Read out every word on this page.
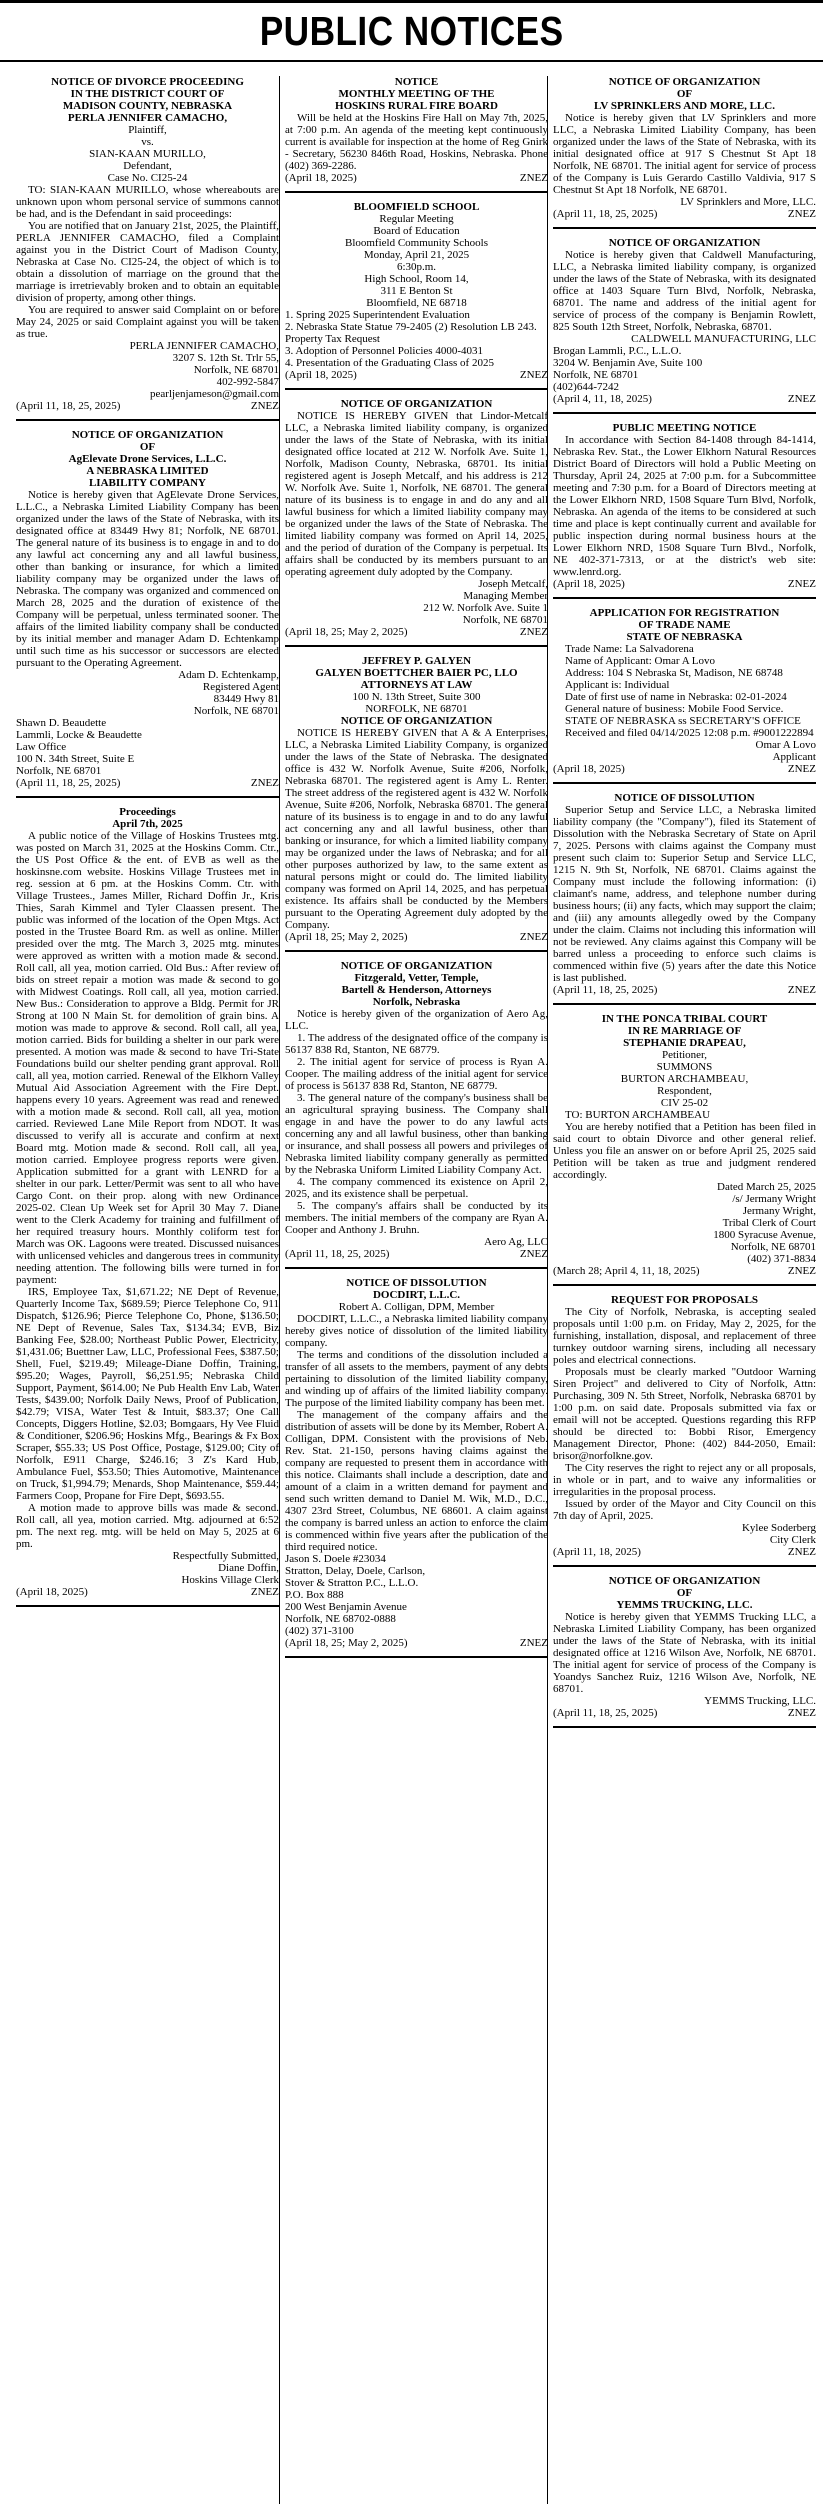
PUBLIC NOTICES

NOTICE OF DIVORCE PROCEEDING

IN THE DISTRICT COURT OF

MADISON COUNTY, NEBRASKA

PERLA JENNIFER CAMACHO,

Plaintiff,

vs.

SIAN-KAAN MURILLO,

Defendant,

Case No. CI25-24

TO: SIAN-KAAN MURILLO, whose whereabouts are unknown upon whom personal service of summons cannot be had, and is the Defendant in said proceedings:

You are notified that on January 21st, 2025, the Plaintiff, PERLA JENNIFER CAMACHO, filed a Complaint against you in the District Court of Madison County, Nebraska at Case No. CI25-24, the object of which is to obtain a dissolution of marriage on the ground that the marriage is irretrievably broken and to obtain an equitable division of property, among other things.

You are required to answer said Complaint on or before May 24, 2025 or said Complaint against you will be taken as true.

PERLA JENNIFER CAMACHO,

3207 S. 12th St. Trlr 55,

Norfolk, NE 68701

402-992-5847

pearljenjameson@gmail.com

(April 11, 18, 25, 2025)	ZNEZ

NOTICE OF ORGANIZATION

OF

AgElevate Drone Services, L.L.C.

A NEBRASKA LIMITED

LIABILITY COMPANY

Notice is hereby given that AgElevate Drone Services, L.L.C., a Nebraska Limited Liability Company has been organized under the laws of the State of Nebraska, with its designated office at 83449 Hwy 81; Norfolk, NE 68701. The general nature of its business is to engage in and to do any lawful act concerning any and all lawful business, other than banking or insurance, for which a limited liability company may be organized under the laws of Nebraska. The company was organized and commenced on March 28, 2025 and the duration of existence of the Company will be perpetual, unless terminated sooner. The affairs of the limited liability company shall be conducted by its initial member and manager Adam D. Echtenkamp until such time as his successor or successors are elected pursuant to the Operating Agreement.

Adam D. Echtenkamp,

Registered Agent

83449 Hwy 81

Norfolk, NE 68701

Shawn D. Beaudette

Lammli, Locke & Beaudette

Law Office

100 N. 34th Street, Suite E

Norfolk, NE 68701

(April 11, 18, 25, 2025)	ZNEZ

Proceedings

April 7th, 2025

A public notice of the Village of Hoskins Trustees mtg. was posted on March 31, 2025 at the Hoskins Comm. Ctr., the US Post Office & the ent. of EVB as well as the hoskinsne.com website. Hoskins Village Trustees met in reg. session at 6 pm. at the Hoskins Comm. Ctr. with Village Trustees., James Miller, Richard Doffin Jr., Kris Thies, Sarah Kimmel and Tyler Claassen present. The public was informed of the location of the Open Mtgs. Act posted in the Trustee Board Rm. as well as online. Miller presided over the mtg. The March 3, 2025 mtg. minutes were approved as written with a motion made & second. Roll call, all yea, motion carried. Old Bus.: After review of bids on street repair a motion was made & second to go with Midwest Coatings. Roll call, all yea, motion carried. New Bus.: Consideration to approve a Bldg. Permit for JR Strong at 100 N Main St. for demolition of grain bins. A motion was made to approve & second. Roll call, all yea, motion carried. Bids for building a shelter in our park were presented. A motion was made & second to have Tri-State Foundations build our shelter pending grant approval. Roll call, all yea, motion carried. Renewal of the Elkhorn Valley Mutual Aid Association Agreement with the Fire Dept. happens every 10 years. Agreement was read and renewed with a motion made & second. Roll call, all yea, motion carried. Reviewed Lane Mile Report from NDOT. It was discussed to verify all is accurate and confirm at next Board mtg. Motion made & second. Roll call, all yea, motion carried. Employee progress reports were given. Application submitted for a grant with LENRD for a shelter in our park. Letter/Permit was sent to all who have Cargo Cont. on their prop. along with new Ordinance 2025-02. Clean Up Week set for April 30 May 7. Diane went to the Clerk Academy for training and fulfillment of her required treasury hours. Monthly coliform test for March was OK. Lagoons were treated. Discussed nuisances with unlicensed vehicles and dangerous trees in community needing attention. The following bills were turned in for payment:

IRS, Employee Tax, $1,671.22; NE Dept of Revenue, Quarterly Income Tax, $689.59; Pierce Telephone Co, 911 Dispatch, $126.96; Pierce Telephone Co, Phone, $136.50; NE Dept of Revenue, Sales Tax, $134.34; EVB, Biz Banking Fee, $28.00; Northeast Public Power, Electricity, $1,431.06; Buettner Law, LLC, Professional Fees, $387.50; Shell, Fuel, $219.49; Mileage-Diane Doffin, Training, $95.20; Wages, Payroll, $6,251.95; Nebraska Child Support, Payment, $614.00; Ne Pub Health Env Lab, Water Tests, $439.00; Norfolk Daily News, Proof of Publication, $42.79; VISA, Water Test & Intuit, $83.37; One Call Concepts, Diggers Hotline, $2.03; Bomgaars, Hy Vee Fluid & Conditioner, $206.96; Hoskins Mfg., Bearings & Fx Box Scraper, $55.33; US Post Office, Postage, $129.00; City of Norfolk, E911 Charge, $246.16; 3 Z's Kard Hub, Ambulance Fuel, $53.50; Thies Automotive, Maintenance on Truck, $1,994.79; Menards, Shop Maintenance, $59.44; Farmers Coop, Propane for Fire Dept, $693.55.

A motion made to approve bills was made & second. Roll call, all yea, motion carried. Mtg. adjourned at 6:52 pm. The next reg. mtg. will be held on May 5, 2025 at 6 pm.

Respectfully Submitted,

Diane Doffin,

Hoskins Village Clerk

(April 18, 2025)	ZNEZ

NOTICE

MONTHLY MEETING OF THE

HOSKINS RURAL FIRE BOARD

Will be held at the Hoskins Fire Hall on May 7th, 2025, at 7:00 p.m. An agenda of the meeting kept continuously current is available for inspection at the home of Reg Gnirk - Secretary, 56230 846th Road, Hoskins, Nebraska. Phone (402) 369-2286.

(April 18, 2025)	ZNEZ

BLOOMFIELD SCHOOL

Regular Meeting

Board of Education

Bloomfield Community Schools

Monday, April 21, 2025

6:30p.m.

High School, Room 14,

311 E Benton St

Bloomfield, NE 68718

1. Spring 2025 Superintendent Evaluation

2. Nebraska State Statue 79-2405 (2) Resolution LB 243. Property Tax Request

3. Adoption of Personnel Policies 4000-4031

4. Presentation of the Graduating Class of 2025

(April 18, 2025)	ZNEZ

NOTICE OF ORGANIZATION

NOTICE IS HEREBY GIVEN that Lindor-Metcalf LLC, a Nebraska limited liability company, is organized under the laws of the State of Nebraska, with its initial designated office located at 212 W. Norfolk Ave. Suite 1, Norfolk, Madison County, Nebraska, 68701. Its initial registered agent is Joseph Metcalf, and his address is 212 W. Norfolk Ave. Suite 1, Norfolk, NE 68701. The general nature of its business is to engage in and do any and all lawful business for which a limited liability company may be organized under the laws of the State of Nebraska. The limited liability company was formed on April 14, 2025, and the period of duration of the Company is perpetual. Its affairs shall be conducted by its members pursuant to an operating agreement duly adopted by the Company.

Joseph Metcalf,

Managing Member

212 W. Norfolk Ave. Suite 1

Norfolk, NE 68701

(April 18, 25; May 2, 2025)	ZNEZ

JEFFREY P. GALYEN

GALYEN BOETTCHER BAIER PC, LLO

ATTORNEYS AT LAW

100 N. 13th Street, Suite 300

NORFOLK, NE 68701

NOTICE OF ORGANIZATION

NOTICE IS HEREBY GIVEN that A & A Enterprises, LLC, a Nebraska Limited Liability Company, is organized under the laws of the State of Nebraska. The designated office is 432 W. Norfolk Avenue, Suite #206, Norfolk, Nebraska 68701. The registered agent is Amy L. Renter. The street address of the registered agent is 432 W. Norfolk Avenue, Suite #206, Norfolk, Nebraska 68701. The general nature of its business is to engage in and to do any lawful act concerning any and all lawful business, other than banking or insurance, for which a limited liability company may be organized under the laws of Nebraska; and for all other purposes authorized by law, to the same extent as natural persons might or could do. The limited liability company was formed on April 14, 2025, and has perpetual existence. Its affairs shall be conducted by the Members pursuant to the Operating Agreement duly adopted by the Company.

(April 18, 25; May 2, 2025)	ZNEZ

NOTICE OF ORGANIZATION

Fitzgerald, Vetter, Temple,

Bartell & Henderson, Attorneys

Norfolk, Nebraska

Notice is hereby given of the organization of Aero Ag, LLC.

1. The address of the designated office of the company is 56137 838 Rd, Stanton, NE 68779.

2. The initial agent for service of process is Ryan A. Cooper. The mailing address of the initial agent for service of process is 56137 838 Rd, Stanton, NE 68779.

3. The general nature of the company's business shall be an agricultural spraying business. The Company shall engage in and have the power to do any lawful acts concerning any and all lawful business, other than banking or insurance, and shall possess all powers and privileges of Nebraska limited liability company generally as permitted by the Nebraska Uniform Limited Liability Company Act.

4. The company commenced its existence on April 2, 2025, and its existence shall be perpetual.

5. The company's affairs shall be conducted by its members. The initial members of the company are Ryan A. Cooper and Anthony J. Bruhn.

Aero Ag, LLC

(April 11, 18, 25, 2025)	ZNEZ

NOTICE OF DISSOLUTION

DOCDIRT, L.L.C.

Robert A. Colligan, DPM, Member

DOCDIRT, L.L.C., a Nebraska limited liability company hereby gives notice of dissolution of the limited liability company.

The terms and conditions of the dissolution included a transfer of all assets to the members, payment of any debts pertaining to dissolution of the limited liability company, and winding up of affairs of the limited liability company. The purpose of the limited liability company has been met.

The management of the company affairs and the distribution of assets will be done by its Member, Robert A. Colligan, DPM. Consistent with the provisions of Neb. Rev. Stat. 21-150, persons having claims against the company are requested to present them in accordance with this notice. Claimants shall include a description, date and amount of a claim in a written demand for payment and send such written demand to Daniel M. Wik, M.D., D.C., 4307 23rd Street, Columbus, NE 68601. A claim against the company is barred unless an action to enforce the claim is commenced within five years after the publication of the third required notice.

Jason S. Doele #23034

Stratton, Delay, Doele, Carlson,

Stover & Stratton P.C., L.L.O.

P.O. Box 888

200 West Benjamin Avenue

Norfolk, NE 68702-0888

(402) 371-3100

(April 18, 25; May 2, 2025)	ZNEZ

NOTICE OF ORGANIZATION

OF

LV SPRINKLERS AND MORE, LLC.

Notice is hereby given that LV Sprinklers and more LLC, a Nebraska Limited Liability Company, has been organized under the laws of the State of Nebraska, with its initial designated office at 917 S Chestnut St Apt 18 Norfolk, NE 68701. The initial agent for service of process of the Company is Luis Gerardo Castillo Valdivia, 917 S Chestnut St Apt 18 Norfolk, NE 68701.

LV Sprinklers and More, LLC.

(April 11, 18, 25, 2025)	ZNEZ

NOTICE OF ORGANIZATION

Notice is hereby given that Caldwell Manufacturing, LLC, a Nebraska limited liability company, is organized under the laws of the State of Nebraska, with its designated office at 1403 Square Turn Blvd, Norfolk, Nebraska, 68701. The name and address of the initial agent for service of process of the company is Benjamin Rowlett, 825 South 12th Street, Norfolk, Nebraska, 68701.

CALDWELL MANUFACTURING, LLC

Brogan Lammli, P.C., L.L.O.

3204 W. Benjamin Ave, Suite 100

Norfolk, NE 68701

(402)644-7242

(April 4, 11, 18, 2025)	ZNEZ

PUBLIC MEETING NOTICE

In accordance with Section 84-1408 through 84-1414, Nebraska Rev. Stat., the Lower Elkhorn Natural Resources District Board of Directors will hold a Public Meeting on Thursday, April 24, 2025 at 7:00 p.m. for a Subcommittee meeting and 7:30 p.m. for a Board of Directors meeting at the Lower Elkhorn NRD, 1508 Square Turn Blvd, Norfolk, Nebraska. An agenda of the items to be considered at such time and place is kept continually current and available for public inspection during normal business hours at the Lower Elkhorn NRD, 1508 Square Turn Blvd., Norfolk, NE 402-371-7313, or at the district's web site: www.lenrd.org.

(April 18, 2025)	ZNEZ

APPLICATION FOR REGISTRATION

OF TRADE NAME

STATE OF NEBRASKA

Trade Name: La Salvadorena

Name of Applicant: Omar A Lovo

Address: 104 S Nebraska St, Madison, NE 68748

Applicant is: Individual

Date of first use of name in Nebraska: 02-01-2024

General nature of business: Mobile Food Service.

STATE OF NEBRASKA ss SECRETARY'S OFFICE

Received and filed 04/14/2025 12:08 p.m. #9001222894

Omar A Lovo

Applicant

(April 18, 2025)	ZNEZ

NOTICE OF DISSOLUTION

Superior Setup and Service LLC, a Nebraska limited liability company (the "Company"), filed its Statement of Dissolution with the Nebraska Secretary of State on April 7, 2025. Persons with claims against the Company must present such claim to: Superior Setup and Service LLC, 1215 N. 9th St, Norfolk, NE 68701. Claims against the Company must include the following information: (i) claimant's name, address, and telephone number during business hours; (ii) any facts, which may support the claim; and (iii) any amounts allegedly owed by the Company under the claim. Claims not including this information will not be reviewed. Any claims against this Company will be barred unless a proceeding to enforce such claims is commenced within five (5) years after the date this Notice is last published.

(April 11, 18, 25, 2025)	ZNEZ

IN THE PONCA TRIBAL COURT

IN RE MARRIAGE OF

STEPHANIE DRAPEAU,

Petitioner,

SUMMONS

BURTON ARCHAMBEAU,

Respondent,

CIV 25-02

TO: BURTON ARCHAMBEAU

You are hereby notified that a Petition has been filed in said court to obtain Divorce and other general relief. Unless you file an answer on or before April 25, 2025 said Petition will be taken as true and judgment rendered accordingly.

Dated March 25, 2025

/s/ Jermany Wright

Jermany Wright,

Tribal Clerk of Court

1800 Syracuse Avenue,

Norfolk, NE 68701

(402) 371-8834

(March 28; April 4, 11, 18, 2025)	ZNEZ

REQUEST FOR PROPOSALS

The City of Norfolk, Nebraska, is accepting sealed proposals until 1:00 p.m. on Friday, May 2, 2025, for the furnishing, installation, disposal, and replacement of three turnkey outdoor warning sirens, including all necessary poles and electrical connections.

Proposals must be clearly marked "Outdoor Warning Siren Project" and delivered to City of Norfolk, Attn: Purchasing, 309 N. 5th Street, Norfolk, Nebraska 68701 by 1:00 p.m. on said date. Proposals submitted via fax or email will not be accepted. Questions regarding this RFP should be directed to: Bobbi Risor, Emergency Management Director, Phone: (402) 844-2050, Email: brisor@norfolkne.gov.

The City reserves the right to reject any or all proposals, in whole or in part, and to waive any informalities or irregularities in the proposal process.

Issued by order of the Mayor and City Council on this 7th day of April, 2025.

Kylee Soderberg

City Clerk

(April 11, 18, 2025)	ZNEZ

NOTICE OF ORGANIZATION

OF

YEMMS TRUCKING, LLC.

Notice is hereby given that YEMMS Trucking LLC, a Nebraska Limited Liability Company, has been organized under the laws of the State of Nebraska, with its initial designated office at 1216 Wilson Ave, Norfolk, NE 68701. The initial agent for service of process of the Company is Yoandys Sanchez Ruiz, 1216 Wilson Ave, Norfolk, NE 68701.

YEMMS Trucking, LLC.

(April 11, 18, 25, 2025)	ZNEZ
